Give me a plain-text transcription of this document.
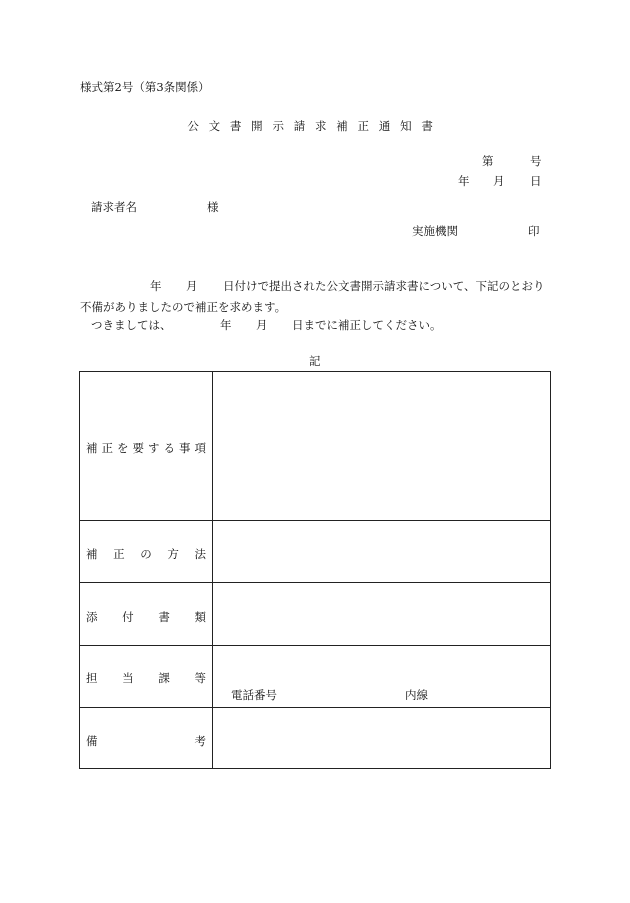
様式第2号（第3条関係）
公文書開示請求補正通知書
第	号
年 月 日
請求者名	様
実施機関	印
年 月 日付けで提出された公文書開示請求書について、下記のとおり
不備がありましたので補正を求めます。
つきましては、	年 月 日までに補正してください。
記
補 正 を 要 す る 事 項
補 正 の 方 法
添 付 書 類
担 当 課 等
電話番号	内線
備	考
